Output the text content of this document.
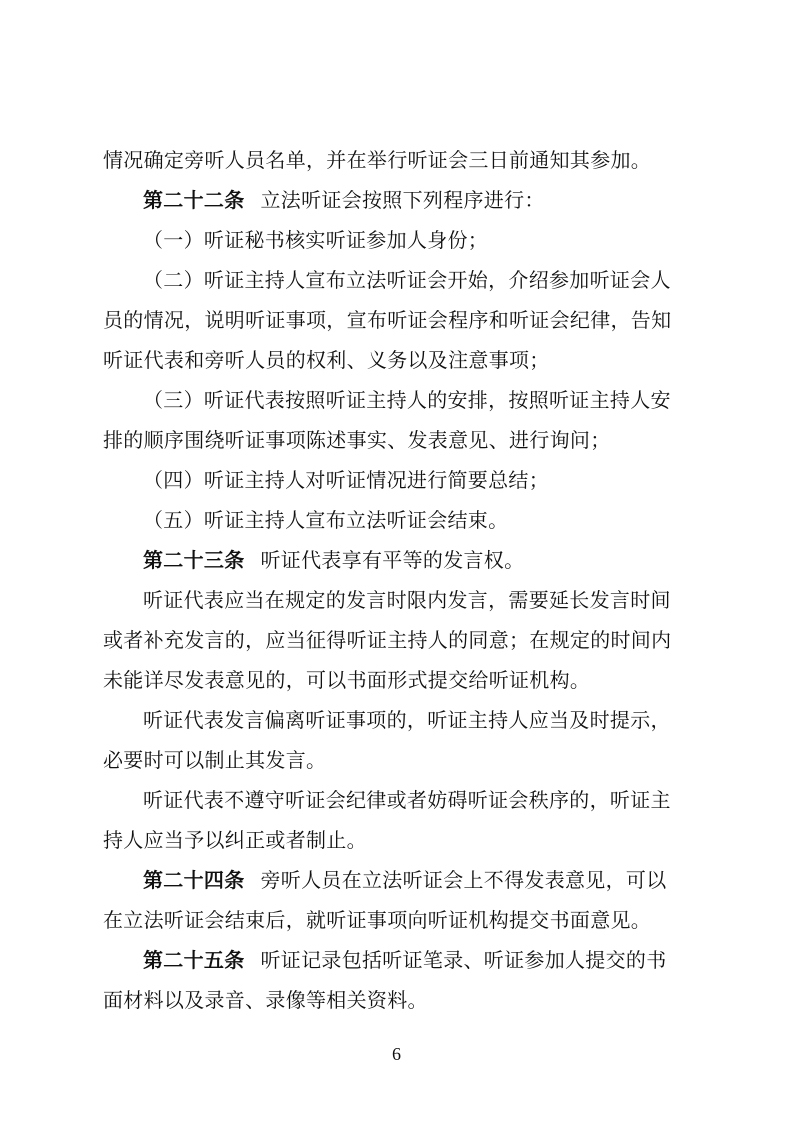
情况确定旁听人员名单，并在举行听证会三日前通知其参加。
第二十二条 立法听证会按照下列程序进行：
（一）听证秘书核实听证参加人身份；
（二）听证主持人宣布立法听证会开始，介绍参加听证会人
员的情况，说明听证事项，宣布听证会程序和听证会纪律，告知
听证代表和旁听人员的权利、义务以及注意事项；
（三）听证代表按照听证主持人的安排，按照听证主持人安
排的顺序围绕听证事项陈述事实、发表意见、进行询问；
（四）听证主持人对听证情况进行简要总结；
（五）听证主持人宣布立法听证会结束。
第二十三条 听证代表享有平等的发言权。
听证代表应当在规定的发言时限内发言，需要延长发言时间
或者补充发言的，应当征得听证主持人的同意；在规定的时间内
未能详尽发表意见的，可以书面形式提交给听证机构。
听证代表发言偏离听证事项的，听证主持人应当及时提示，
必要时可以制止其发言。
听证代表不遵守听证会纪律或者妨碍听证会秩序的，听证主
持人应当予以纠正或者制止。
第二十四条 旁听人员在立法听证会上不得发表意见，可以
在立法听证会结束后，就听证事项向听证机构提交书面意见。
第二十五条 听证记录包括听证笔录、听证参加人提交的书
面材料以及录音、录像等相关资料。
6
